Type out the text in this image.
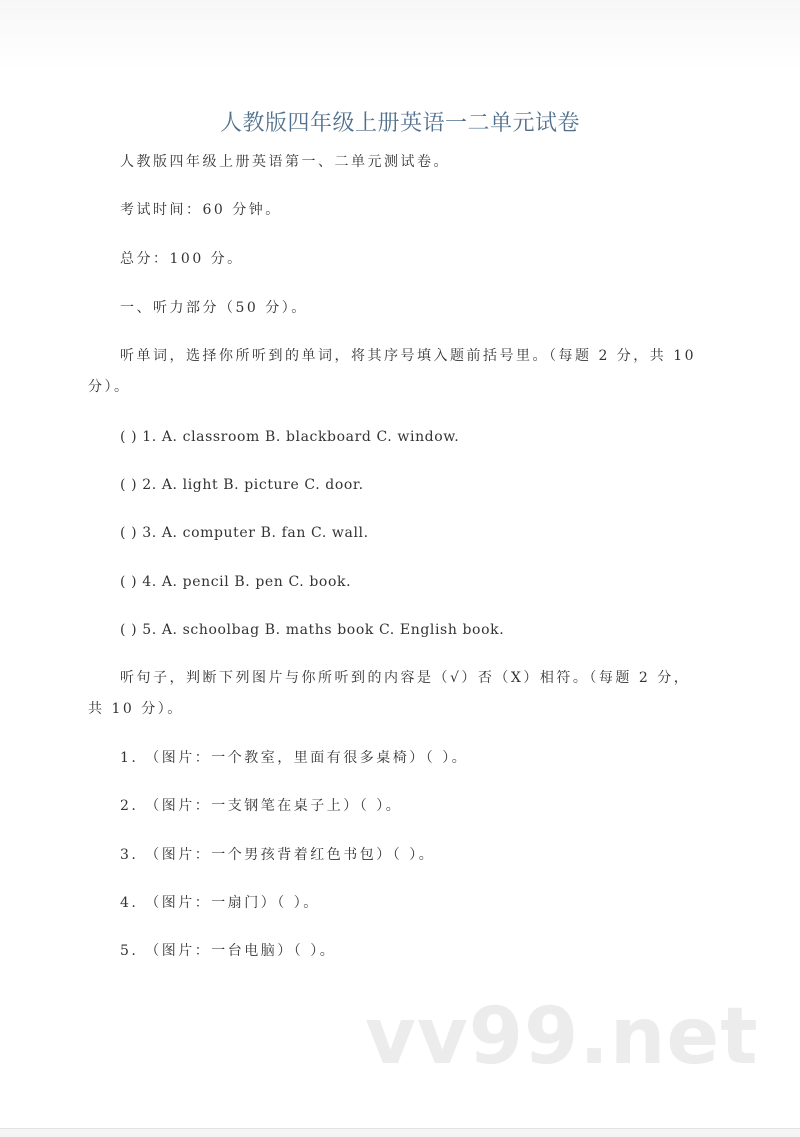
人教版四年级上册英语一二单元试卷
人教版四年级上册英语第一、二单元测试卷。
考试时间：60 分钟。
总分：100 分。
一、听力部分（50 分）。
听单词，选择你所听到的单词，将其序号填入题前括号里。（每题 2 分，共 10
分）。
( ) 1. A. classroom B. blackboard C. window.
( ) 2. A. light B. picture C. door.
( ) 3. A. computer B. fan C. wall.
( ) 4. A. pencil B. pen C. book.
( ) 5. A. schoolbag B. maths book C. English book.
听句子，判断下列图片与你所听到的内容是（√）否（X）相符。（每题 2 分，
共 10 分）。
1. （图片：一个教室，里面有很多桌椅）（ ）。
2. （图片：一支钢笔在桌子上）（ ）。
3. （图片：一个男孩背着红色书包）（ ）。
4. （图片：一扇门）（ ）。
5. （图片：一台电脑）（ ）。
vv99.net
